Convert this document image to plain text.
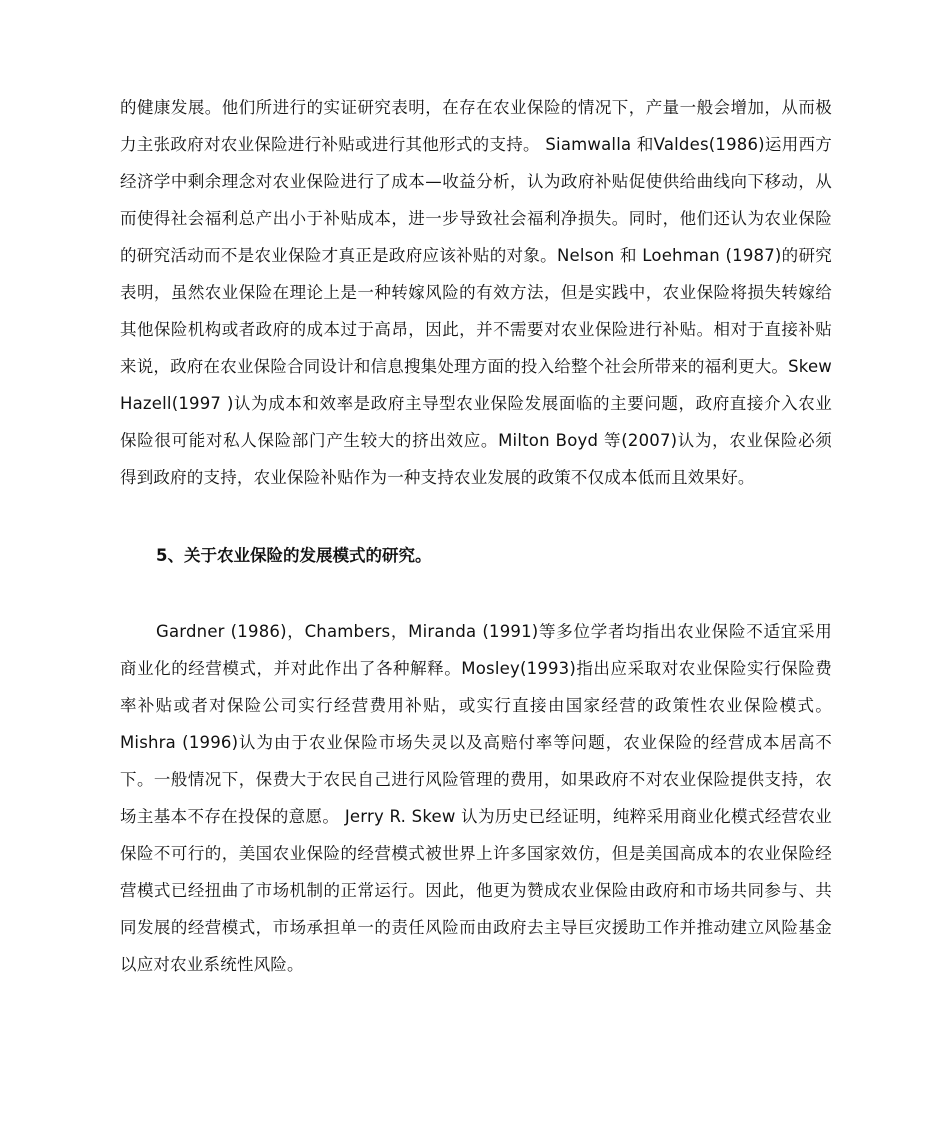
的健康发展。他们所进行的实证研究表明，在存在农业保险的情况下，产量一般会增加，从而极力主张政府对农业保险进行补贴或进行其他形式的支持。 Siamwalla 和Valdes(1986)运用西方经济学中剩余理念对农业保险进行了成本—收益分析，认为政府补贴促使供给曲线向下移动，从而使得社会福利总产出小于补贴成本，进一步导致社会福利净损失。同时，他们还认为农业保险的研究活动而不是农业保险才真正是政府应该补贴的对象。Nelson 和 Loehman (1987)的研究表明，虽然农业保险在理论上是一种转嫁风险的有效方法，但是实践中，农业保险将损失转嫁给其他保险机构或者政府的成本过于高昂，因此，并不需要对农业保险进行补贴。相对于直接补贴来说，政府在农业保险合同设计和信息搜集处理方面的投入给整个社会所带来的福利更大。Skew Hazell(1997 )认为成本和效率是政府主导型农业保险发展面临的主要问题，政府直接介入农业保险很可能对私人保险部门产生较大的挤出效应。Milton Boyd 等(2007)认为，农业保险必须得到政府的支持，农业保险补贴作为一种支持农业发展的政策不仅成本低而且效果好。

5、关于农业保险的发展模式的研究。

Gardner (1986)，Chambers，Miranda (1991)等多位学者均指出农业保险不适宜采用商业化的经营模式，并对此作出了各种解释。Mosley(1993)指出应采取对农业保险实行保险费率补贴或者对保险公司实行经营费用补贴，或实行直接由国家经营的政策性农业保险模式。Mishra (1996)认为由于农业保险市场失灵以及高赔付率等问题，农业保险的经营成本居高不下。一般情况下，保费大于农民自己进行风险管理的费用，如果政府不对农业保险提供支持，农场主基本不存在投保的意愿。 Jerry R. Skew 认为历史已经证明，纯粹采用商业化模式经营农业保险不可行的，美国农业保险的经营模式被世界上许多国家效仿，但是美国高成本的农业保险经营模式已经扭曲了市场机制的正常运行。因此，他更为赞成农业保险由政府和市场共同参与、共同发展的经营模式，市场承担单一的责任风险而由政府去主导巨灾援助工作并推动建立风险基金以应对农业系统性风险。
